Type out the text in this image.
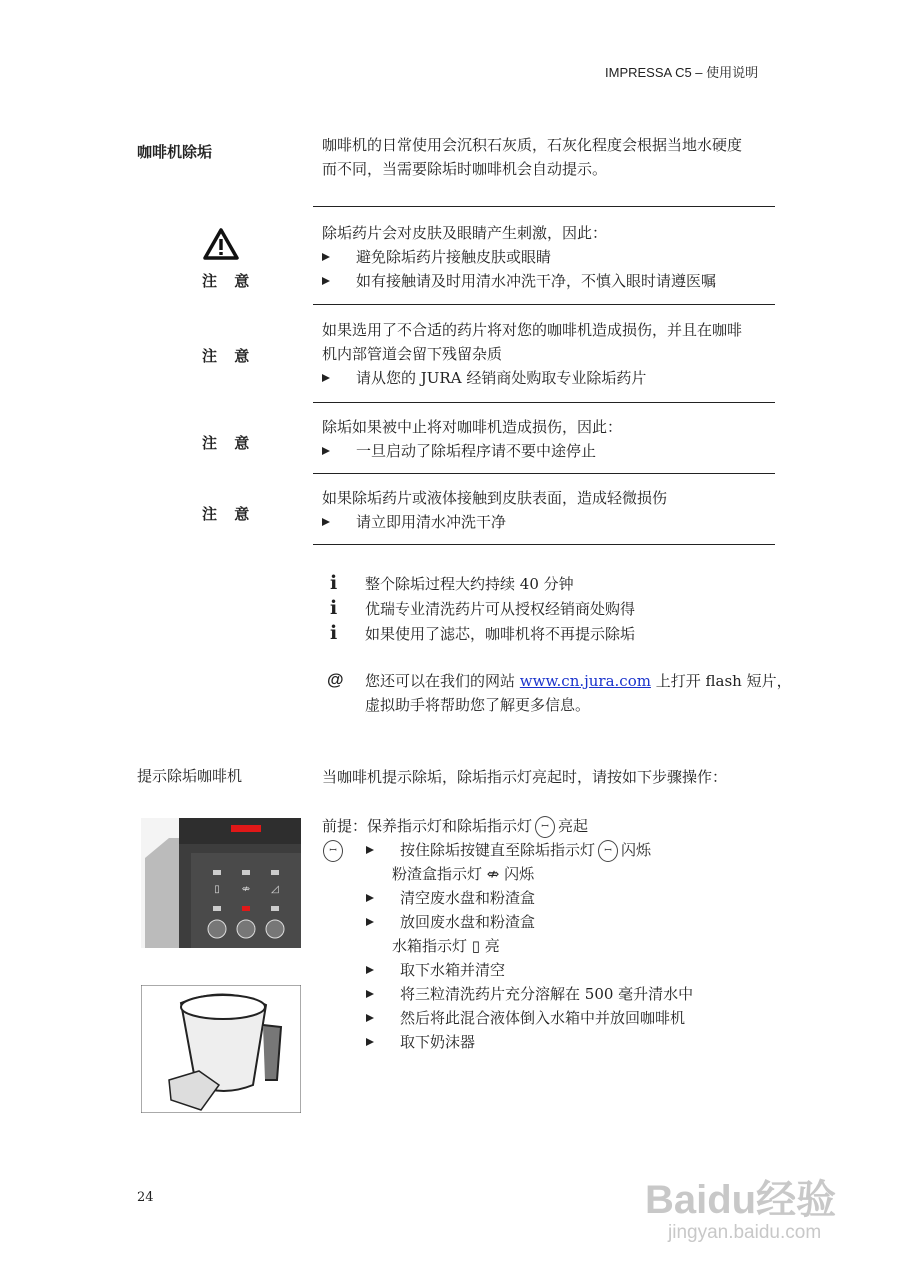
IMPRESSA C5 – 使用说明
咖啡机除垢	咖啡机的日常使用会沉积石灰质，石灰化程度会根据当地水硬度
而不同，当需要除垢时咖啡机会自动提示。
注 意
除垢药片会对皮肤及眼睛产生刺激，因此：
避免除垢药片接触皮肤或眼睛
如有接触请及时用清水冲洗干净，不慎入眼时请遵医嘱
注 意
如果选用了不合适的药片将对您的咖啡机造成损伤，并且在咖啡
机内部管道会留下残留杂质
请从您的 JURA 经销商处购取专业除垢药片
注 意
除垢如果被中止将对咖啡机造成损伤，因此：
一旦启动了除垢程序请不要中途停止
注 意
如果除垢药片或液体接触到皮肤表面，造成轻微损伤
请立即用清水冲洗干净
i 整个除垢过程大约持续 40 分钟
i 优瑞专业清洗药片可从授权经销商处购得
i 如果使用了滤芯，咖啡机将不再提示除垢
@ 您还可以在我们的网站 www.cn.jura.com 上打开 flash 短片，
虚拟助手将帮助您了解更多信息。
提示除垢咖啡机	当咖啡机提示除垢，除垢指示灯亮起时，请按如下步骤操作：
▯ ⇎ ◿
前提：保养指示灯和除垢指示灯 ꟷ 亮起
ꟷ	按住除垢按键直至除垢指示灯 ꟷ 闪烁
粉渣盒指示灯 ⇎ 闪烁
清空废水盘和粉渣盒
放回废水盘和粉渣盒
水箱指示灯 ▯ 亮
取下水箱并清空
将三粒清洗药片充分溶解在 500 毫升清水中
然后将此混合液体倒入水箱中并放回咖啡机
取下奶沫器
24	Baidu经验
jingyan.baidu.com
